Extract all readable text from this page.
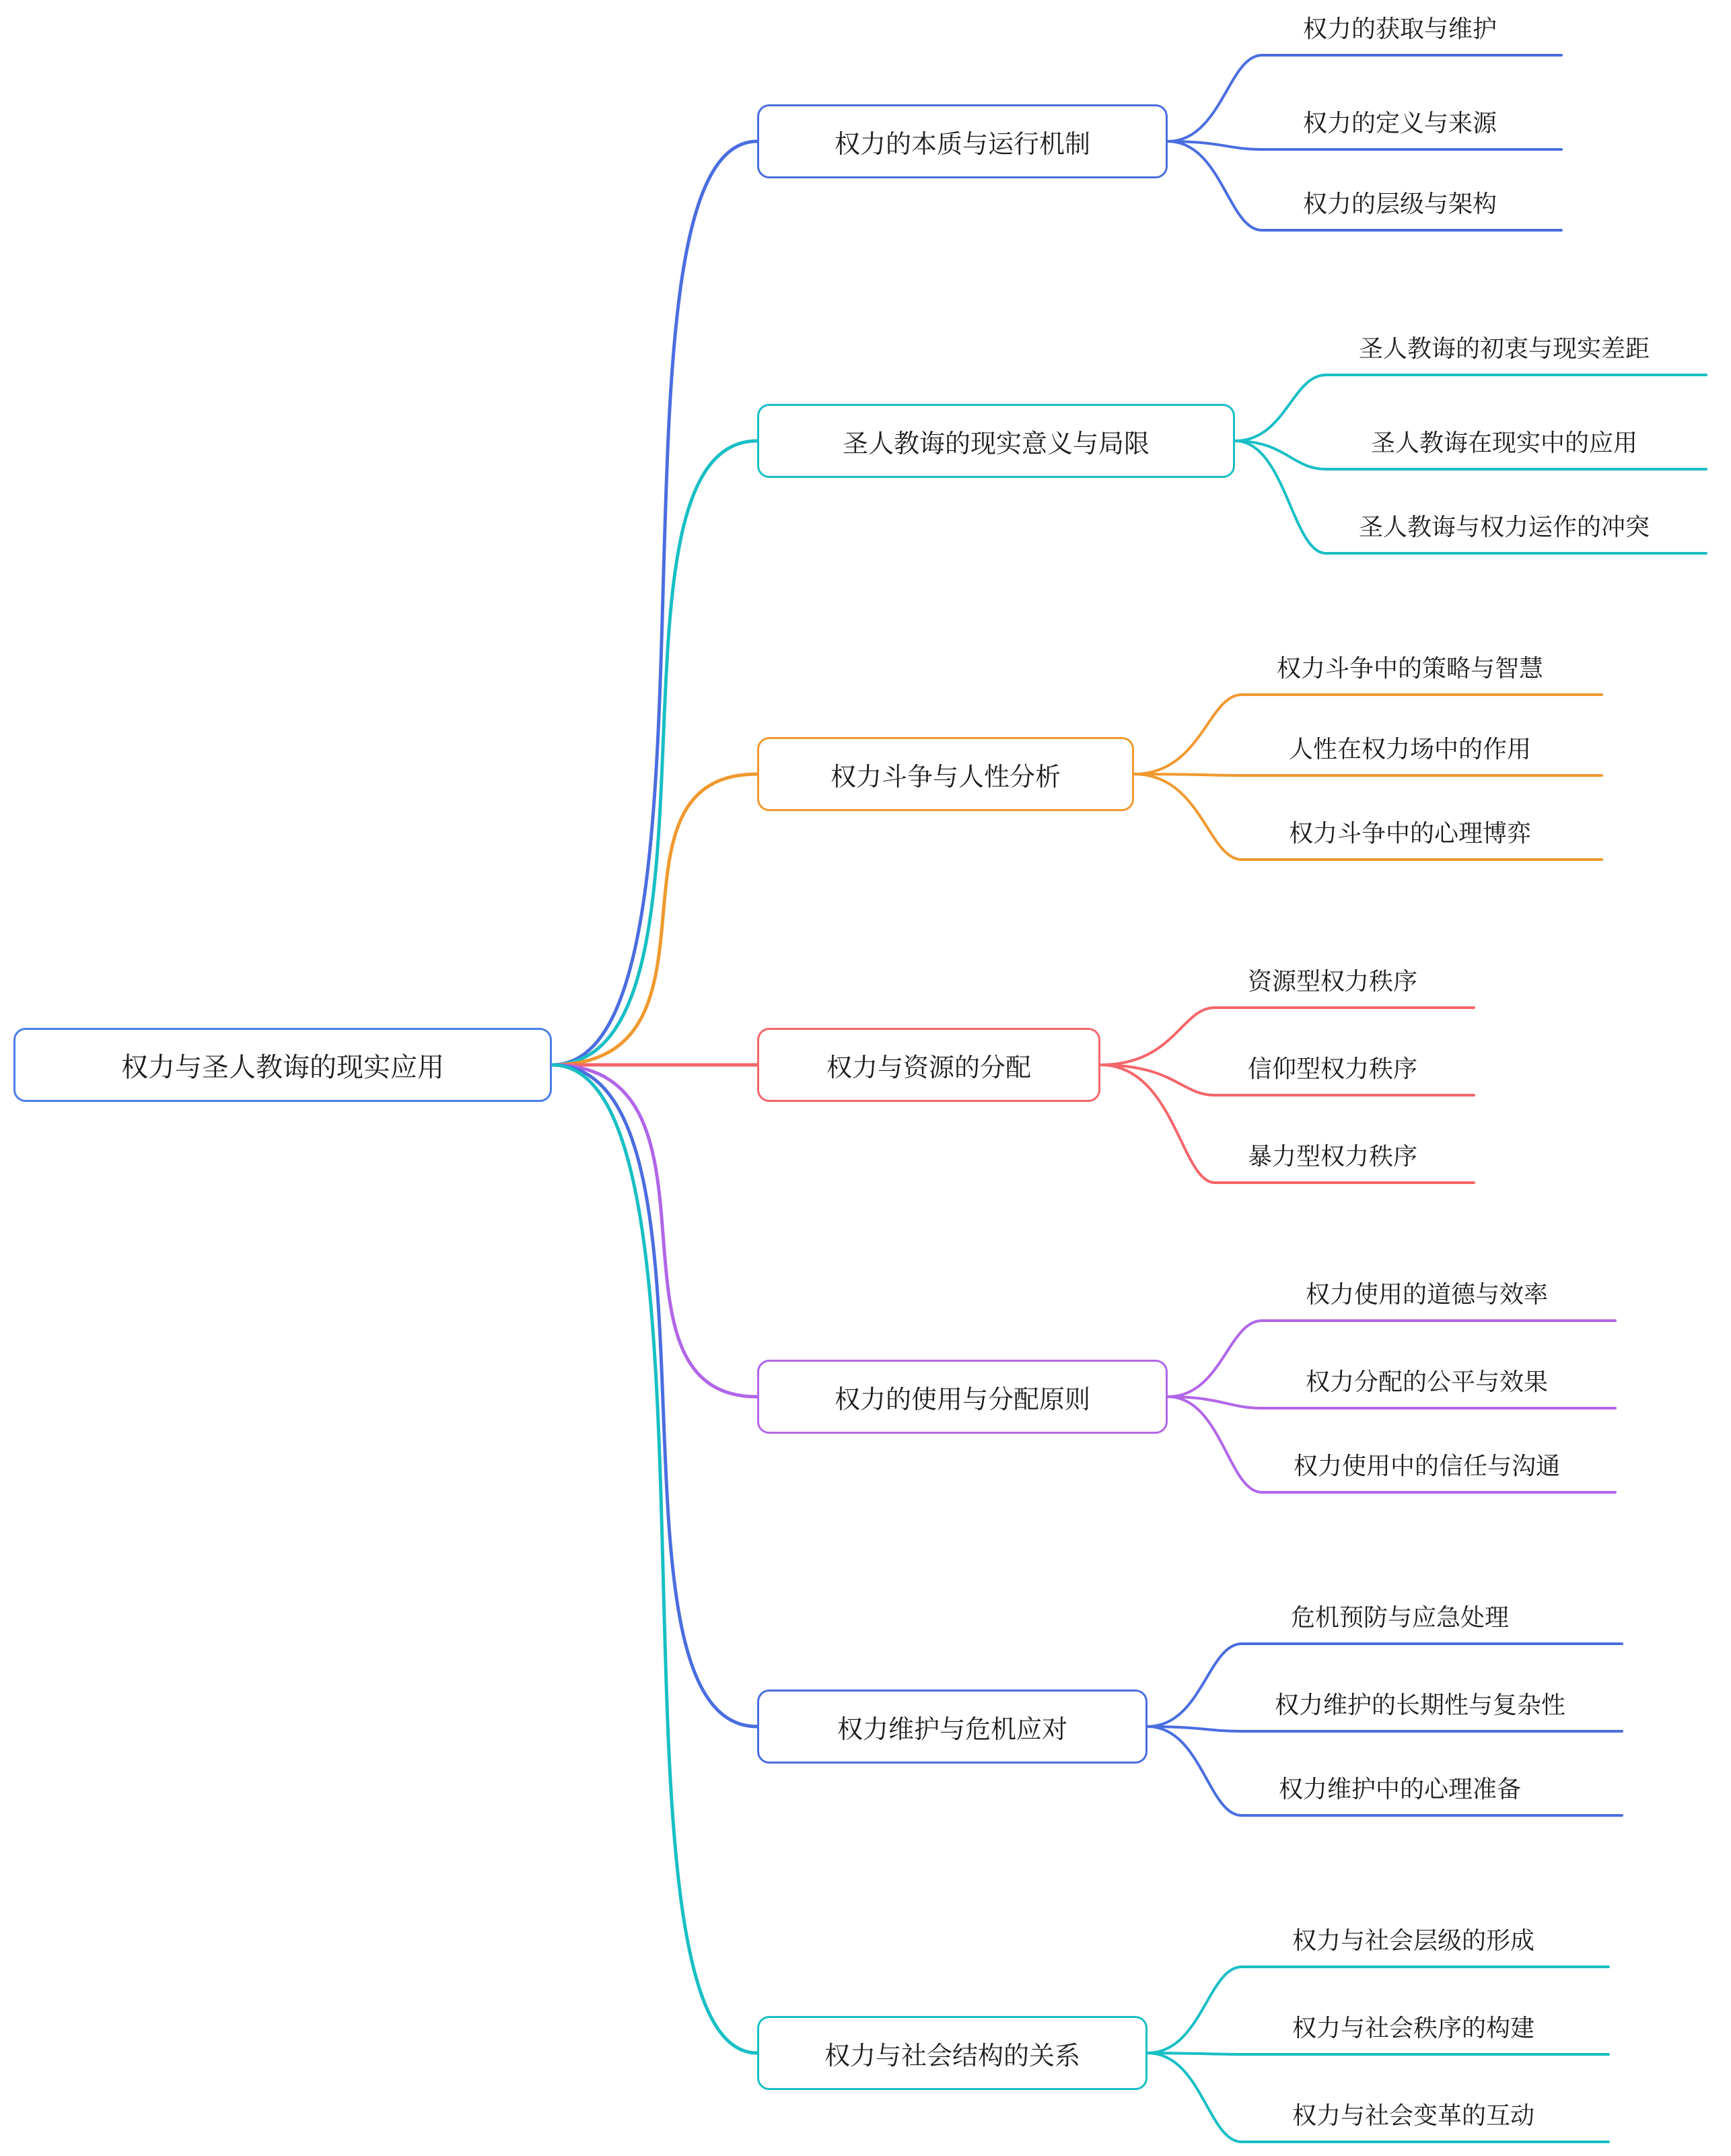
权力与圣人教诲的现实应用
权力的本质与运行机制
权力的获取与维护
权力的定义与来源
权力的层级与架构
圣人教诲的现实意义与局限
圣人教诲的初衷与现实差距
圣人教诲在现实中的应用
圣人教诲与权力运作的冲突
权力斗争与人性分析
权力斗争中的策略与智慧
人性在权力场中的作用
权力斗争中的心理博弈
权力与资源的分配
资源型权力秩序
信仰型权力秩序
暴力型权力秩序
权力的使用与分配原则
权力使用的道德与效率
权力分配的公平与效果
权力使用中的信任与沟通
权力维护与危机应对
危机预防与应急处理
权力维护的长期性与复杂性
权力维护中的心理准备
权力与社会结构的关系
权力与社会层级的形成
权力与社会秩序的构建
权力与社会变革的互动
